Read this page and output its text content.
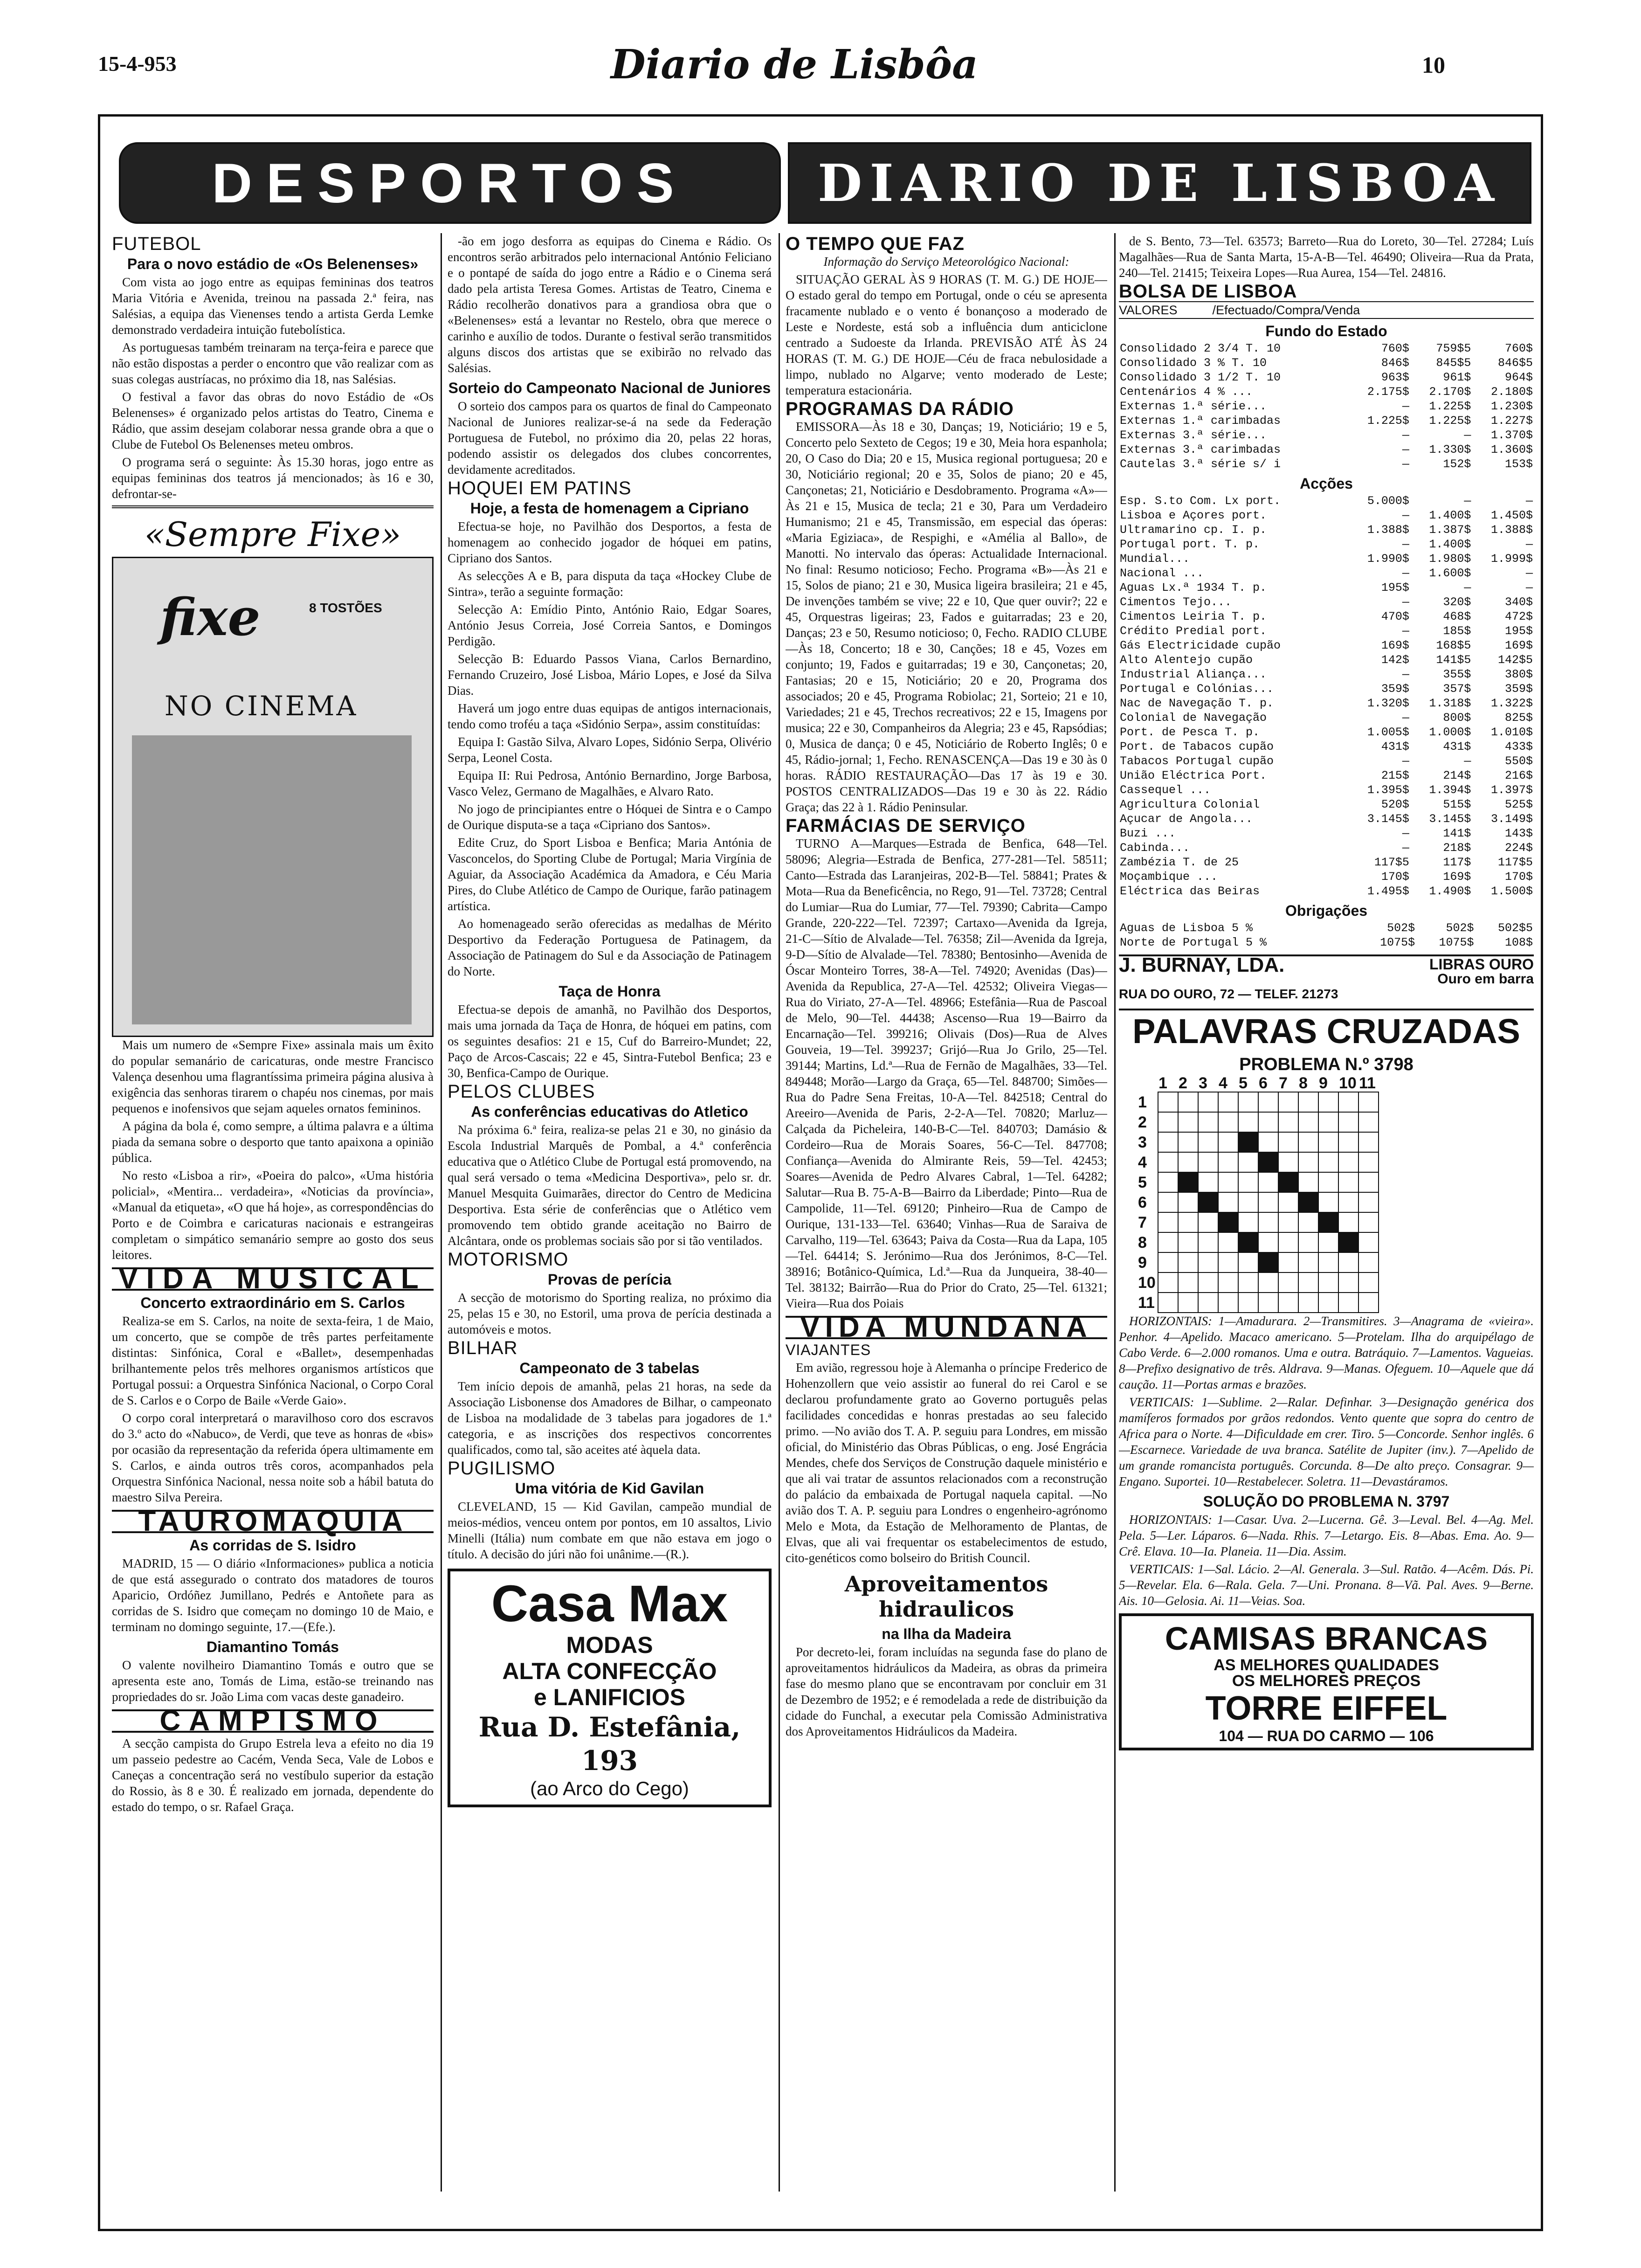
15-4-953	Diario de Lisbôa	10
DESPORTOS	DIARIO DE LISBOA
FUTEBOL
Para o novo estádio de «Os Belenenses»

Com vista ao jogo entre as equipas femininas dos teatros Maria Vitória e Avenida, treinou na passada 2.ª feira, nas Salésias, a equipa das Vienenses tendo a artista Gerda Lemke demonstrado verdadeira intuição futebolística.

As portuguesas também treinaram na terça-feira e parece que não estão dispostas a perder o encontro que vão realizar com as suas colegas austríacas, no próximo dia 18, nas Salésias.

O festival a favor das obras do novo Estádio de «Os Belenenses» é organizado pelos artistas do Teatro, Cinema e Rádio, que assim desejam colaborar nessa grande obra a que o Clube de Futebol Os Belenenses meteu ombros.

O programa será o seguinte: Às 15.30 horas, jogo entre as equipas femininas dos teatros já mencionados; às 16 e 30, defrontar-se-

«Sempre Fixe»
fixe	8 TOSTÕES
NO CINEMA

Mais um numero de «Sempre Fixe» assinala mais um êxito do popular semanário de caricaturas, onde mestre Francisco Valença desenhou uma flagrantíssima primeira página alusiva à exigência das senhoras tirarem o chapéu nos cinemas, por mais pequenos e inofensivos que sejam aqueles ornatos femininos.

A página da bola é, como sempre, a última palavra e a última piada da semana sobre o desporto que tanto apaixona a opinião pública.

No resto «Lisboa a rir», «Poeira do palco», «Uma história policial», «Mentira... verdadeira», «Noticias da província», «Manual da etiqueta», «O que há hoje», as correspondências do Porto e de Coimbra e caricaturas nacionais e estrangeiras completam o simpático semanário sempre ao gosto dos seus leitores.

VIDA MUSICAL
Concerto extraordinário em S. Carlos

Realiza-se em S. Carlos, na noite de sexta-feira, 1 de Maio, um concerto, que se compõe de três partes perfeitamente distintas: Sinfónica, Coral e «Ballet», desempenhadas brilhantemente pelos três melhores organismos artísticos que Portugal possui: a Orquestra Sinfónica Nacional, o Corpo Coral de S. Carlos e o Corpo de Baile «Verde Gaio».

O corpo coral interpretará o maravilhoso coro dos escravos do 3.º acto do «Nabuco», de Verdi, que teve as honras de «bis» por ocasião da representação da referida ópera ultimamente em S. Carlos, e ainda outros três coros, acompanhados pela Orquestra Sinfónica Nacional, nessa noite sob a hábil batuta do maestro Silva Pereira.

TAUROMAQUIA
As corridas de S. Isidro

MADRID, 15 — O diário «Informaciones» publica a noticia de que está assegurado o contrato dos matadores de touros Aparicio, Ordóñez Jumillano, Pedrés e Antoñete para as corridas de S. Isidro que começam no domingo 10 de Maio, e terminam no domingo seguinte, 17.—(Efe.).

Diamantino Tomás

O valente novilheiro Diamantino Tomás e outro que se apresenta este ano, Tomás de Lima, estão-se treinando nas propriedades do sr. João Lima com vacas deste ganadeiro.

CAMPISMO

A secção campista do Grupo Estrela leva a efeito no dia 19 um passeio pedestre ao Cacém, Venda Seca, Vale de Lobos e Caneças a concentração será no vestíbulo superior da estação do Rossio, às 8 e 30. É realizado em jornada, dependente do estado do tempo, o sr. Rafael Graça.

-ão em jogo desforra as equipas do Cinema e Rádio. Os encontros serão arbitrados pelo internacional António Feliciano e o pontapé de saída do jogo entre a Rádio e o Cinema será dado pela artista Teresa Gomes. Artistas de Teatro, Cinema e Rádio recolherão donativos para a grandiosa obra que o «Belenenses» está a levantar no Restelo, obra que merece o carinho e auxílio de todos. Durante o festival serão transmitidos alguns discos dos artistas que se exibirão no relvado das Salésias.

Sorteio do Campeonato Nacional de Juniores

O sorteio dos campos para os quartos de final do Campeonato Nacional de Juniores realizar-se-á na sede da Federação Portuguesa de Futebol, no próximo dia 20, pelas 22 horas, podendo assistir os delegados dos clubes concorrentes, devidamente acreditados.

HOQUEI EM PATINS
Hoje, a festa de homenagem a Cipriano

Efectua-se hoje, no Pavilhão dos Desportos, a festa de homenagem ao conhecido jogador de hóquei em patins, Cipriano dos Santos.

As selecções A e B, para disputa da taça «Hockey Clube de Sintra», terão a seguinte formação:

Selecção A: Emídio Pinto, António Raio, Edgar Soares, António Jesus Correia, José Correia Santos, e Domingos Perdigão.

Selecção B: Eduardo Passos Viana, Carlos Bernardino, Fernando Cruzeiro, José Lisboa, Mário Lopes, e José da Silva Dias.

Haverá um jogo entre duas equipas de antigos internacionais, tendo como troféu a taça «Sidónio Serpa», assim constituídas:

Equipa I: Gastão Silva, Alvaro Lopes, Sidónio Serpa, Olivério Serpa, Leonel Costa.

Equipa II: Rui Pedrosa, António Bernardino, Jorge Barbosa, Vasco Velez, Germano de Magalhães, e Alvaro Rato.

No jogo de principiantes entre o Hóquei de Sintra e o Campo de Ourique disputa-se a taça «Cipriano dos Santos».

Edite Cruz, do Sport Lisboa e Benfica; Maria Antónia de Vasconcelos, do Sporting Clube de Portugal; Maria Virgínia de Aguiar, da Associação Académica da Amadora, e Céu Maria Pires, do Clube Atlético de Campo de Ourique, farão patinagem artística.

Ao homenageado serão oferecidas as medalhas de Mérito Desportivo da Federação Portuguesa de Patinagem, da Associação de Patinagem do Sul e da Associação de Patinagem do Norte.

Taça de Honra

Efectua-se depois de amanhã, no Pavilhão dos Desportos, mais uma jornada da Taça de Honra, de hóquei em patins, com os seguintes desafios: 21 e 15, Cuf do Barreiro-Mundet; 22, Paço de Arcos-Cascais; 22 e 45, Sintra-Futebol Benfica; 23 e 30, Benfica-Campo de Ourique.

PELOS CLUBES
As conferências educativas do Atletico

Na próxima 6.ª feira, realiza-se pelas 21 e 30, no ginásio da Escola Industrial Marquês de Pombal, a 4.ª conferência educativa que o Atlético Clube de Portugal está promovendo, na qual será versado o tema «Medicina Desportiva», pelo sr. dr. Manuel Mesquita Guimarães, director do Centro de Medicina Desportiva. Esta série de conferências que o Atlético vem promovendo tem obtido grande aceitação no Bairro de Alcântara, onde os problemas sociais são por si tão ventilados.

MOTORISMO
Provas de perícia

A secção de motorismo do Sporting realiza, no próximo dia 25, pelas 15 e 30, no Estoril, uma prova de perícia destinada a automóveis e motos.

BILHAR
Campeonato de 3 tabelas

Tem início depois de amanhã, pelas 21 horas, na sede da Associação Lisbonense dos Amadores de Bilhar, o campeonato de Lisboa na modalidade de 3 tabelas para jogadores de 1.ª categoria, e as inscrições dos respectivos concorrentes qualificados, como tal, são aceites até àquela data.

PUGILISMO
Uma vitória de Kid Gavilan

CLEVELAND, 15 — Kid Gavilan, campeão mundial de meios-médios, venceu ontem por pontos, em 10 assaltos, Livio Minelli (Itália) num combate em que não estava em jogo o título. A decisão do júri não foi unânime.—(R.).

Casa Max
MODAS
ALTA CONFECÇÃO
e LANIFICIOS
Rua D. Estefânia, 193
(ao Arco do Cego)
O TEMPO QUE FAZ

Informação do Serviço Meteorológico Nacional:

SITUAÇÃO GERAL ÀS 9 HORAS (T. M. G.) DE HOJE—O estado geral do tempo em Portugal, onde o céu se apresenta fracamente nublado e o vento é bonançoso a moderado de Leste e Nordeste, está sob a influência dum anticiclone centrado a Sudoeste da Irlanda. PREVISÃO ATÉ ÀS 24 HORAS (T. M. G.) DE HOJE—Céu de fraca nebulosidade a limpo, nublado no Algarve; vento moderado de Leste; temperatura estacionária.

PROGRAMAS DA RÁDIO

EMISSORA—Às 18 e 30, Danças; 19, Noticiário; 19 e 5, Concerto pelo Sexteto de Cegos; 19 e 30, Meia hora espanhola; 20, O Caso do Dia; 20 e 15, Musica regional portuguesa; 20 e 30, Noticiário regional; 20 e 35, Solos de piano; 20 e 45, Cançonetas; 21, Noticiário e Desdobramento. Programa «A»—Às 21 e 15, Musica de tecla; 21 e 30, Para um Verdadeiro Humanismo; 21 e 45, Transmissão, em especial das óperas: «Maria Egiziaca», de Respighi, e «Amélia al Ballo», de Manotti. No intervalo das óperas: Actualidade Internacional. No final: Resumo noticioso; Fecho. Programa «B»—Às 21 e 15, Solos de piano; 21 e 30, Musica ligeira brasileira; 21 e 45, De invenções também se vive; 22 e 10, Que quer ouvir?; 22 e 45, Orquestras ligeiras; 23, Fados e guitarradas; 23 e 20, Danças; 23 e 50, Resumo noticioso; 0, Fecho. RADIO CLUBE—Às 18, Concerto; 18 e 30, Canções; 18 e 45, Vozes em conjunto; 19, Fados e guitarradas; 19 e 30, Cançonetas; 20, Fantasias; 20 e 15, Noticiário; 20 e 20, Programa dos associados; 20 e 45, Programa Robiolac; 21, Sorteio; 21 e 10, Variedades; 21 e 45, Trechos recreativos; 22 e 15, Imagens por musica; 22 e 30, Companheiros da Alegria; 23 e 45, Rapsódias; 0, Musica de dança; 0 e 45, Noticiário de Roberto Inglês; 0 e 45, Rádio-jornal; 1, Fecho. RENASCENÇA—Das 19 e 30 às 0 horas. RÁDIO RESTAURAÇÃO—Das 17 às 19 e 30. POSTOS CENTRALIZADOS—Das 19 e 30 às 22. Rádio Graça; das 22 à 1. Rádio Peninsular.

FARMÁCIAS DE SERVIÇO

TURNO A—Marques—Estrada de Benfica, 648—Tel. 58096; Alegria—Estrada de Benfica, 277-281—Tel. 58511; Canto—Estrada das Laranjeiras, 202-B—Tel. 58841; Prates & Mota—Rua da Beneficência, no Rego, 91—Tel. 73728; Central do Lumiar—Rua do Lumiar, 77—Tel. 79390; Cabrita—Campo Grande, 220-222—Tel. 72397; Cartaxo—Avenida da Igreja, 21-C—Sítio de Alvalade—Tel. 76358; Zil—Avenida da Igreja, 9-D—Sítio de Alvalade—Tel. 78380; Bentosinho—Avenida de Óscar Monteiro Torres, 38-A—Tel. 74920; Avenidas (Das)—Avenida da Republica, 27-A—Tel. 42532; Oliveira Viegas—Rua do Viriato, 27-A—Tel. 48966; Estefânia—Rua de Pascoal de Melo, 90—Tel. 44438; Ascenso—Rua 19—Bairro da Encarnação—Tel. 399216; Olivais (Dos)—Rua de Alves Gouveia, 19—Tel. 399237; Grijó—Rua Jo Grilo, 25—Tel. 39144; Martins, Ld.ª—Rua de Fernão de Magalhães, 33—Tel. 849448; Morão—Largo da Graça, 65—Tel. 848700; Simões—Rua do Padre Sena Freitas, 10-A—Tel. 842518; Central do Areeiro—Avenida de Paris, 2-2-A—Tel. 70820; Marluz—Calçada da Picheleira, 140-B-C—Tel. 840703; Damásio & Cordeiro—Rua de Morais Soares, 56-C—Tel. 847708; Confiança—Avenida do Almirante Reis, 59—Tel. 42453; Soares—Avenida de Pedro Alvares Cabral, 1—Tel. 64282; Salutar—Rua B. 75-A-B—Bairro da Liberdade; Pinto—Rua de Campolide, 11—Tel. 69120; Pinheiro—Rua de Campo de Ourique, 131-133—Tel. 63640; Vinhas—Rua de Saraiva de Carvalho, 119—Tel. 63643; Paiva da Costa—Rua da Lapa, 105—Tel. 64414; S. Jerónimo—Rua dos Jerónimos, 8-C—Tel. 38916; Botânico-Química, Ld.ª—Rua da Junqueira, 38-40—Tel. 38132; Bairrão—Rua do Prior do Crato, 25—Tel. 61321; Vieira—Rua dos Poiais

VIDA MUNDANA
VIAJANTES

Em avião, regressou hoje à Alemanha o príncipe Frederico de Hohenzollern que veio assistir ao funeral do rei Carol e se declarou profundamente grato ao Governo português pelas facilidades concedidas e honras prestadas ao seu falecido primo. —No avião dos T. A. P. seguiu para Londres, em missão oficial, do Ministério das Obras Públicas, o eng. José Engrácia Mendes, chefe dos Serviços de Construção daquele ministério e que ali vai tratar de assuntos relacionados com a reconstrução do palácio da embaixada de Portugal naquela capital. —No avião dos T. A. P. seguiu para Londres o engenheiro-agrónomo Melo e Mota, da Estação de Melhoramento de Plantas, de Elvas, que ali vai frequentar os estabelecimentos de estudo, cito-genéticos como bolseiro do British Council.

Aproveitamentos hidraulicos
na Ilha da Madeira

Por decreto-lei, foram incluídas na segunda fase do plano de aproveitamentos hidráulicos da Madeira, as obras da primeira fase do mesmo plano que se encontravam por concluir em 31 de Dezembro de 1952; e é remodelada a rede de distribuição da cidade do Funchal, a executar pela Comissão Administrativa dos Aproveitamentos Hidráulicos da Madeira.

de S. Bento, 73—Tel. 63573; Barreto—Rua do Loreto, 30—Tel. 27284; Luís Magalhães—Rua de Santa Marta, 15-A-B—Tel. 46490; Oliveira—Rua da Prata, 240—Tel. 21415; Teixeira Lopes—Rua Aurea, 154—Tel. 24816.

BOLSA DE LISBOA
VALORES          /Efectuado/Compra/Venda
Fundo do Estado
Consolidado 2 3/4 T. 10	760$	759$5	760$
Consolidado 3 % T. 10	846$	845$5	846$5
Consolidado 3 1/2 T. 10	963$	961$	964$
Centenários 4 % ...	2.175$	2.170$	2.180$
Externas 1.ª série...	—	1.225$	1.230$
Externas 1.ª carimbadas	1.225$	1.225$	1.227$
Externas 3.ª série...	—	—	1.370$
Externas 3.ª carimbadas	—	1.330$	1.360$
Cautelas 3.ª série s/ i	—	152$	153$
Acções
Esp. S.to Com. Lx port.	5.000$	—	—
Lisboa e Açores port.	—	1.400$	1.450$
Ultramarino cp. I. p.	1.388$	1.387$	1.388$
Portugal port. T. p.	—	1.400$	—
Mundial...	1.990$	1.980$	1.999$
Nacional ...	—	1.600$	—
Aguas Lx.ª 1934 T. p.	195$	—	—
Cimentos Tejo...	—	320$	340$
Cimentos Leiria T. p.	470$	468$	472$
Crédito Predial port.	—	185$	195$
Gás Electricidade cupão	169$	168$5	169$
Alto Alentejo cupão	142$	141$5	142$5
Industrial Aliança...	—	355$	380$
Portugal e Colónias...	359$	357$	359$
Nac de Navegação T. p.	1.320$	1.318$	1.322$
Colonial de Navegação	—	800$	825$
Port. de Pesca T. p.	1.005$	1.000$	1.010$
Port. de Tabacos cupão	431$	431$	433$
Tabacos Portugal cupão	—	—	550$
União Eléctrica Port.	215$	214$	216$
Cassequel ...	1.395$	1.394$	1.397$
Agricultura Colonial	520$	515$	525$
Açucar de Angola...	3.145$	3.145$	3.149$
Buzi ...	—	141$	143$
Cabinda...	—	218$	224$
Zambézia T. de 25	117$5	117$	117$5
Moçambique ...	170$	169$	170$
Eléctrica das Beiras	1.495$	1.490$	1.500$
Obrigações
Aguas de Lisboa 5 %	502$	502$	502$5
Norte de Portugal 5 %	1075$	1075$	108$
J. BURNAY, LDA.	LIBRAS OURO
Ouro em barra
RUA DO OURO, 72 — TELEF. 21273
PALAVRAS CRUZADAS
PROBLEMA N.º 3798
	1	2	3	4	5	6	7	8	9	10	11
1											
2											
3											
4											
5											
6											
7											
8											
9											
10											
11											

HORIZONTAIS: 1—Amadurara. 2—Transmitires. 3—Anagrama de «vieira». Penhor. 4—Apelido. Macaco americano. 5—Protelam. Ilha do arquipélago de Cabo Verde. 6—2.000 romanos. Uma e outra. Batráquio. 7—Lamentos. Vagueias. 8—Prefixo designativo de três. Aldrava. 9—Manas. Ofeguem. 10—Aquele que dá caução. 11—Portas armas e brazões.

VERTICAIS: 1—Sublime. 2—Ralar. Definhar. 3—Designação genérica dos mamíferos formados por grãos redondos. Vento quente que sopra do centro de Africa para o Norte. 4—Dificuldade em crer. Tiro. 5—Concorde. Senhor inglês. 6—Escarnece. Variedade de uva branca. Satélite de Jupiter (inv.). 7—Apelido de um grande romancista português. Corcunda. 8—De alto preço. Consagrar. 9—Engano. Suportei. 10—Restabelecer. Soletra. 11—Devastáramos.

SOLUÇÃO DO PROBLEMA N. 3797

HORIZONTAIS: 1—Casar. Uva. 2—Lucerna. Gê. 3—Leval. Bel. 4—Ag. Mel. Pela. 5—Ler. Láparos. 6—Nada. Rhis. 7—Letargo. Eis. 8—Abas. Ema. Ao. 9—Crê. Elava. 10—Ia. Planeia. 11—Dia. Assim.

VERTICAIS: 1—Sal. Lácio. 2—Al. Generala. 3—Sul. Ratão. 4—Acêm. Dás. Pi. 5—Revelar. Ela. 6—Rala. Gela. 7—Uni. Pronana. 8—Vã. Pal. Aves. 9—Berne. Ais. 10—Gelosia. Ai. 11—Veias. Soa.

CAMISAS BRANCAS
AS MELHORES QUALIDADES
OS MELHORES PREÇOS
TORRE EIFFEL
104 — RUA DO CARMO — 106
